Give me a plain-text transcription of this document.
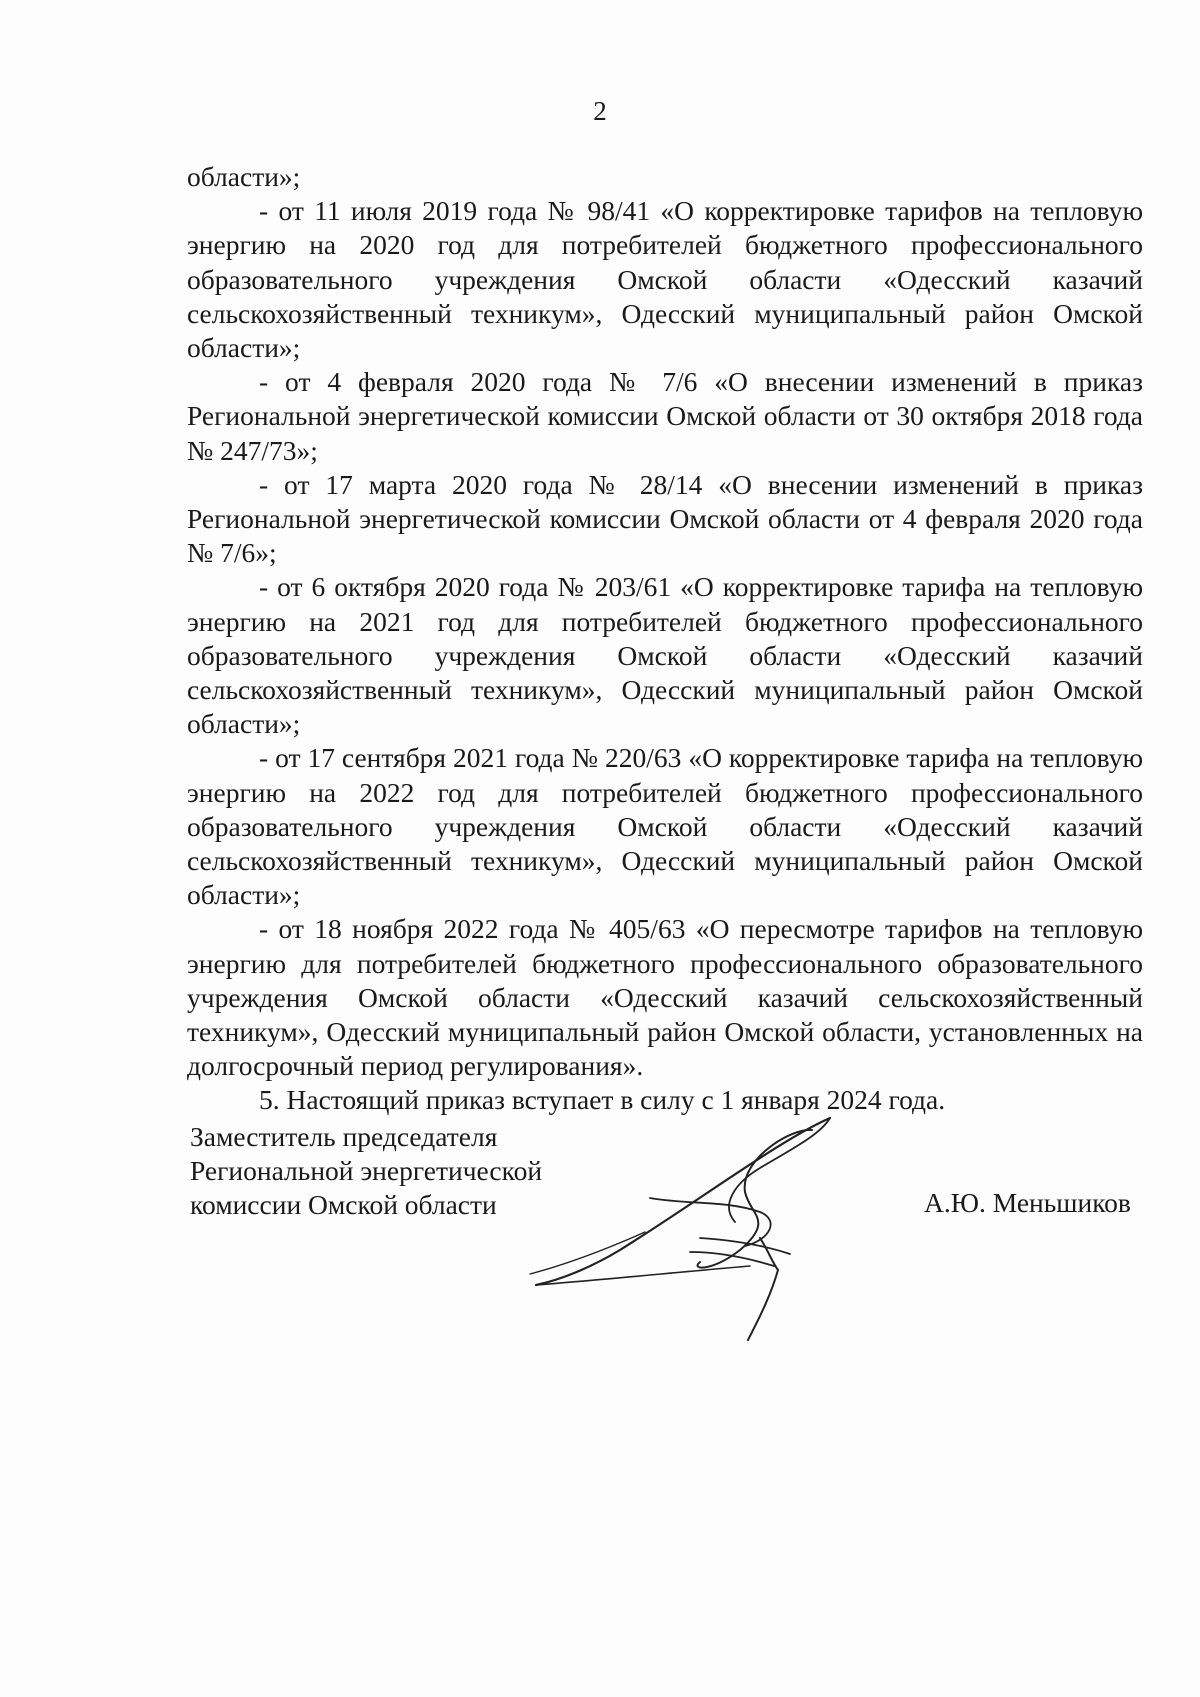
2

области»;

- от 11 июля 2019 года № 98/41 «О корректировке тарифов на тепловую энергию на 2020 год для потребителей бюджетного профессионального образовательного учреждения Омской области «Одесский казачий сельскохозяйственный техникум», Одесский муниципальный район Омской области»;

- от 4 февраля 2020 года № 7/6 «О внесении изменений в приказ Региональной энергетической комиссии Омской области от 30 октября 2018 года № 247/73»;

- от 17 марта 2020 года № 28/14 «О внесении изменений в приказ Региональной энергетической комиссии Омской области от 4 февраля 2020 года № 7/6»;

- от 6 октября 2020 года № 203/61 «О корректировке тарифа на тепловую энергию на 2021 год для потребителей бюджетного профессионального образовательного учреждения Омской области «Одесский казачий сельскохозяйственный техникум», Одесский муниципальный район Омской области»;

- от 17 сентября 2021 года № 220/63 «О корректировке тарифа на тепловую энергию на 2022 год для потребителей бюджетного профессионального образовательного учреждения Омской области «Одесский казачий сельскохозяйственный техникум», Одесский муниципальный район Омской области»;

- от 18 ноября 2022 года № 405/63 «О пересмотре тарифов на тепловую энергию для потребителей бюджетного профессионального образовательного учреждения Омской области «Одесский казачий сельскохозяйственный техникум», Одесский муниципальный район Омской области, установленных на долгосрочный период регулирования».

5. Настоящий приказ вступает в силу с 1 января 2024 года.

Заместитель председателя
Региональной энергетической
комиссии Омской области	А.Ю. Меньшиков
